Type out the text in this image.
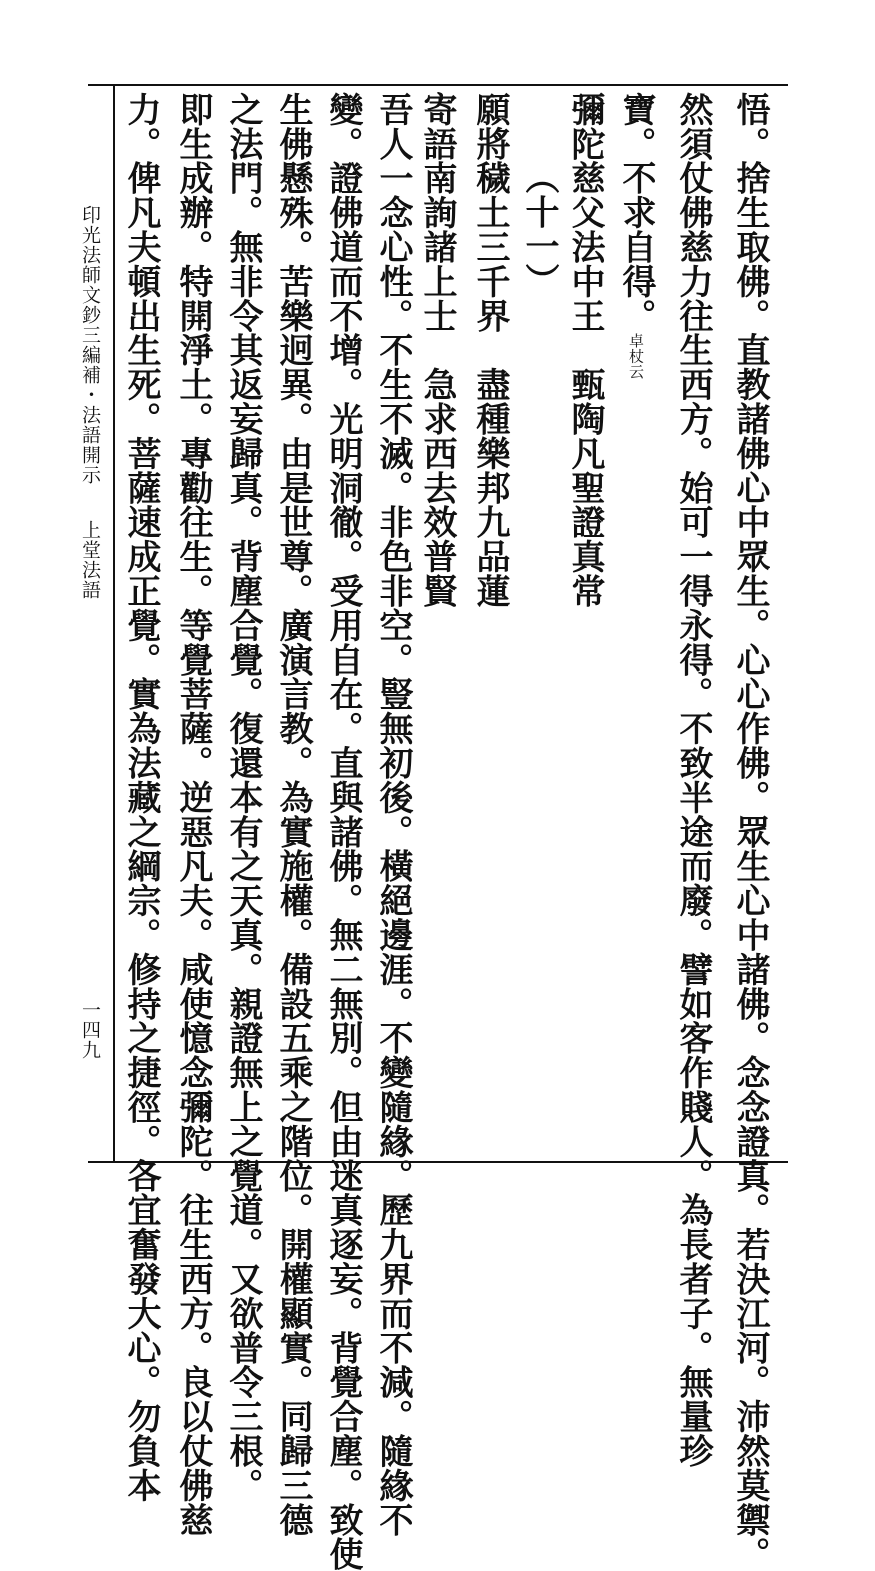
印光法師文鈔三編補・法語開示
上堂法語
一四九	悟。捨生取佛。直教諸佛心中眾生。心心作佛。眾生心中諸佛。念念證真。若決江河。沛然莫禦。
然須仗佛慈力往生西方。始可一得永得。不致半途而廢。譬如客作賤人。為長者子。無量珍
寶。不求自得。卓杖云
彌陀慈父法中王　甄陶凡聖證真常
（十一）
願將穢土三千界　盡種樂邦九品蓮
寄語南詢諸上士　急求西去效普賢
吾人一念心性。不生不滅。非色非空。豎無初後。橫絕邊涯。不變隨緣。歷九界而不減。隨緣不
變。證佛道而不增。光明洞徹。受用自在。直與諸佛。無二無別。但由迷真逐妄。背覺合塵。致使
生佛懸殊。苦樂迥異。由是世尊。廣演言教。為實施權。備設五乘之階位。開權顯實。同歸三德
之法門。無非令其返妄歸真。背塵合覺。復還本有之天真。親證無上之覺道。又欲普令三根。
即生成辦。特開淨土。專勸往生。等覺菩薩。逆惡凡夫。咸使憶念彌陀。往生西方。良以仗佛慈
力。俾凡夫頓出生死。菩薩速成正覺。實為法藏之綱宗。修持之捷徑。各宜奮發大心。勿負本
